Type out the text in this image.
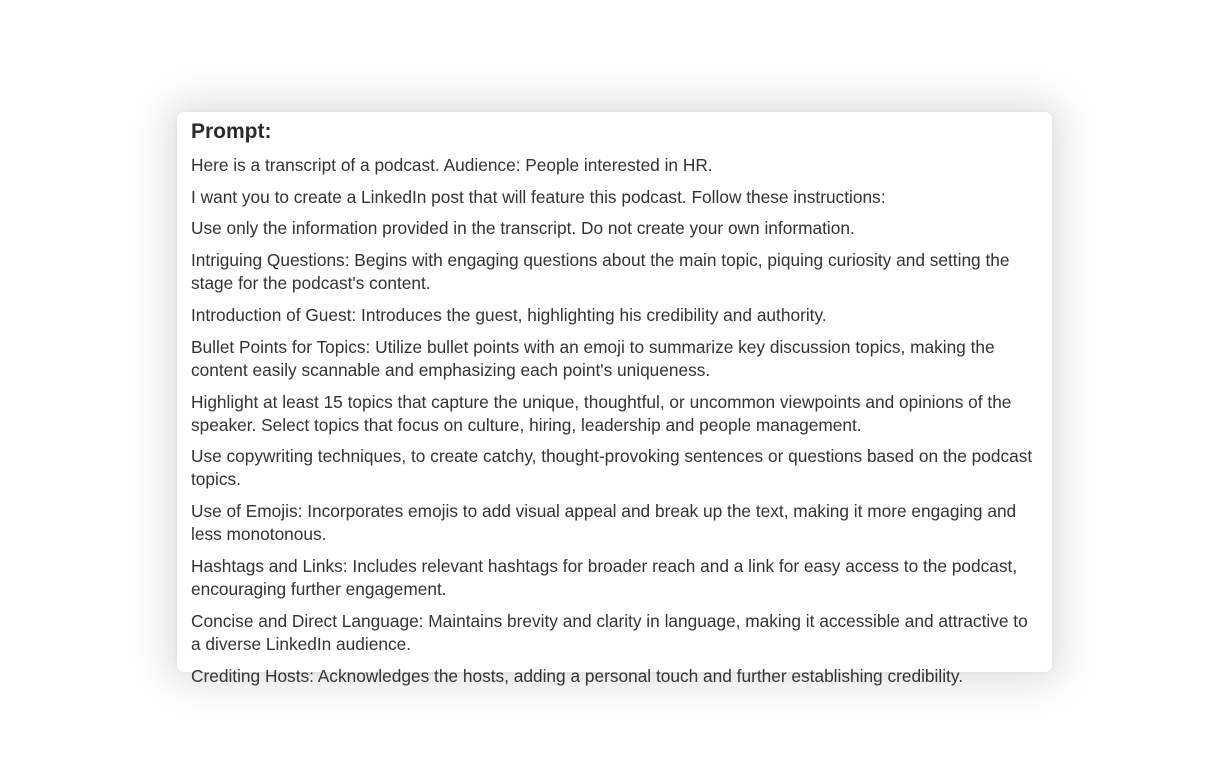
Prompt:
Here is a transcript of a podcast. Audience: People interested in HR.
I want you to create a LinkedIn post that will feature this podcast. Follow these instructions:
Use only the information provided in the transcript. Do not create your own information.
Intriguing Questions: Begins with engaging questions about the main topic, piquing curiosity and setting the stage for the podcast's content.
Introduction of Guest: Introduces the guest, highlighting his credibility and authority.
Bullet Points for Topics: Utilize bullet points with an emoji to summarize key discussion topics, making the content easily scannable and emphasizing each point's uniqueness.
Highlight at least 15 topics that capture the unique, thoughtful, or uncommon viewpoints and opinions of the speaker. Select topics that focus on culture, hiring, leadership and people management.
Use copywriting techniques, to create catchy, thought-provoking sentences or questions based on the podcast topics.
Use of Emojis: Incorporates emojis to add visual appeal and break up the text, making it more engaging and less monotonous.
Hashtags and Links: Includes relevant hashtags for broader reach and a link for easy access to the podcast, encouraging further engagement.
Concise and Direct Language: Maintains brevity and clarity in language, making it accessible and attractive to a diverse LinkedIn audience.
Crediting Hosts: Acknowledges the hosts, adding a personal touch and further establishing credibility.
